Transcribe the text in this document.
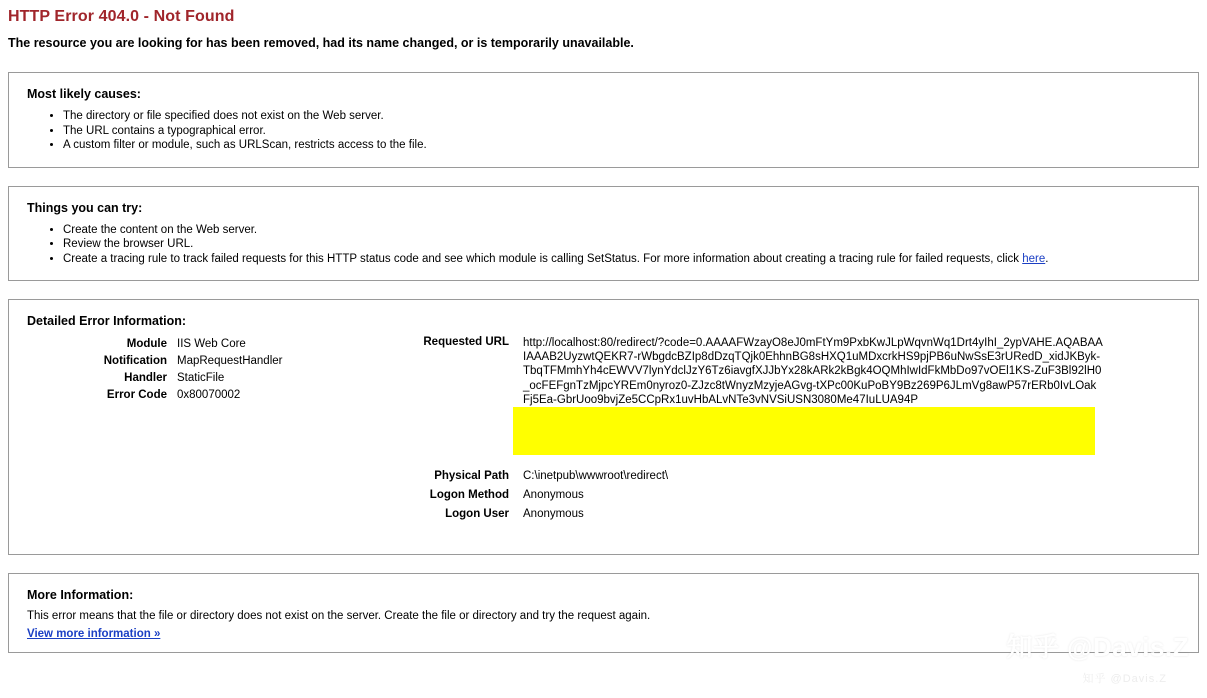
HTTP Error 404.0 - Not Found
The resource you are looking for has been removed, had its name changed, or is temporarily unavailable.
Most likely causes:
• The directory or file specified does not exist on the Web server.
• The URL contains a typographical error.
• A custom filter or module, such as URLScan, restricts access to the file.
Things you can try:
• Create the content on the Web server.
• Review the browser URL.
• Create a tracing rule to track failed requests for this HTTP status code and see which module is calling SetStatus. For more information about creating a tracing rule for failed requests, click here.
Detailed Error Information:
Module IIS Web Core
Notification MapRequestHandler
Handler StaticFile
Error Code 0x80070002
Requested URL	http://localhost:80/redirect/?code=0.AAAAFWzayO8eJ0mFtYm9PxbKwJLpWqvnWq1Drt4yIhI_2ypVAHE.AQABAAIAAAB2UyzwtQEKR7-rWbgdcBZIp8dDzqTQjk0EhhnBG8sHXQ1uMDxcrkHS9pjPB6uNwSsE3rURedD_xidJKByk-TbqTFMmhYh4cEWVV7lynYdclJzY6Tz6iavgfXJJbYx28kARk2kBgk4OQMhIwIdFkMbDo97vOEl1KS-ZuF3Bl92lH0_ocFEFgnTzMjpcYREm0nyroz0-ZJzc8tWnyzMzyjeAGvg-tXPc00KuPoBY9Bz269P6JLmVg8awP57rERb0IvLOakFj5Ea-GbrUoo9bvjZe5CCpRx1uvHbALvNTe3vNVSiUSN3080Me47IuLUA94P
Physical Path	C:\inetpub\wwwroot\redirect\
Logon Method	Anonymous
Logon User	Anonymous
More Information:

This error means that the file or directory does not exist on the server. Create the file or directory and try the request again.

View more information »	知乎 @Davis.Z
知乎 @Davis.Z
